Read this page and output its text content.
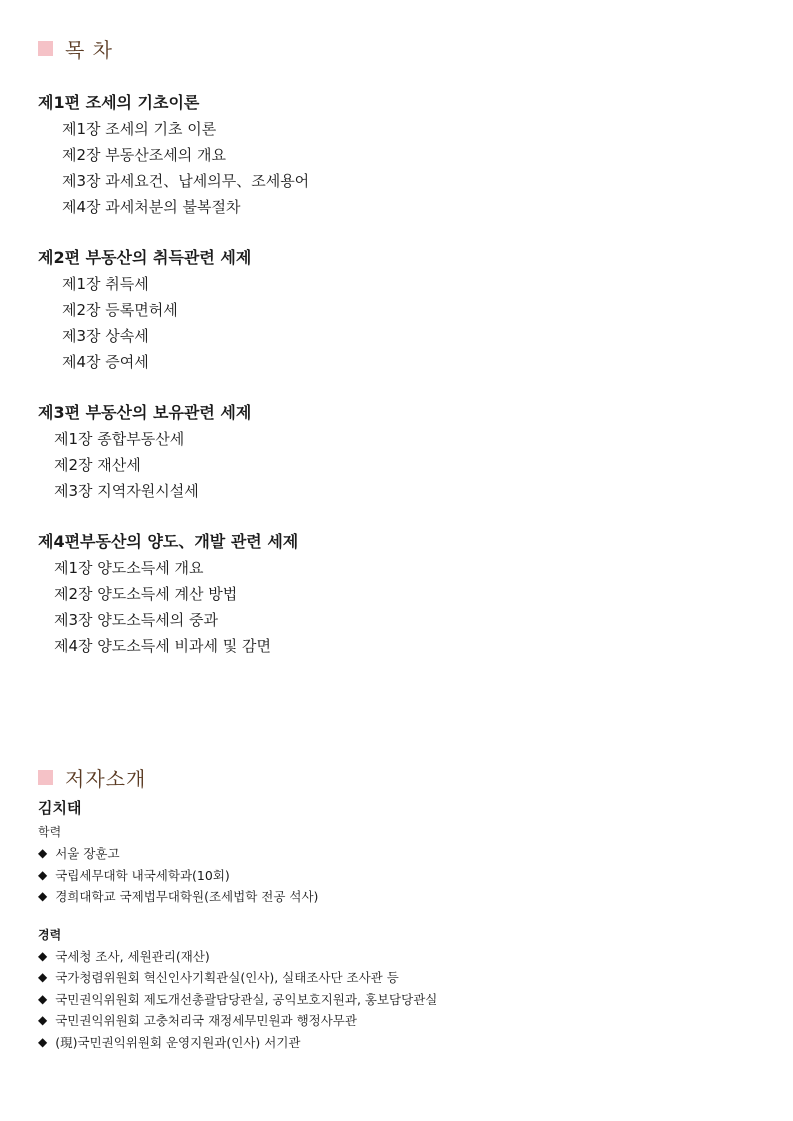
목 차
제1편 조세의 기초이론
제1장 조세의 기초 이론
제2장 부동산조세의 개요
제3장 과세요건、납세의무、조세용어
제4장 과세처분의 불복절차
제2편 부동산의 취득관련 세제
제1장 취득세
제2장 등록면허세
제3장 상속세
제4장 증여세
제3편 부동산의 보유관련 세제
제1장 종합부동산세
제2장 재산세
제3장 지역자원시설세
제4편부동산의 양도、개발 관련 세제
제1장 양도소득세 개요
제2장 양도소득세 계산 방법
제3장 양도소득세의 중과
제4장 양도소득세 비과세 및 감면
저자소개
김치태
학력
◆ 서울 장훈고
◆ 국립세무대학 내국세학과(10회)
◆ 경희대학교 국제법무대학원(조세법학 전공 석사)
경력
◆ 국세청 조사, 세원관리(재산)
◆ 국가청렴위원회 혁신인사기획관실(인사), 실태조사단 조사관 등
◆ 국민권익위원회 제도개선총괄담당관실, 공익보호지원과, 홍보담당관실
◆ 국민권익위원회 고충처리국 재정세무민원과 행정사무관
◆ (現)국민권익위원회 운영지원과(인사) 서기관
